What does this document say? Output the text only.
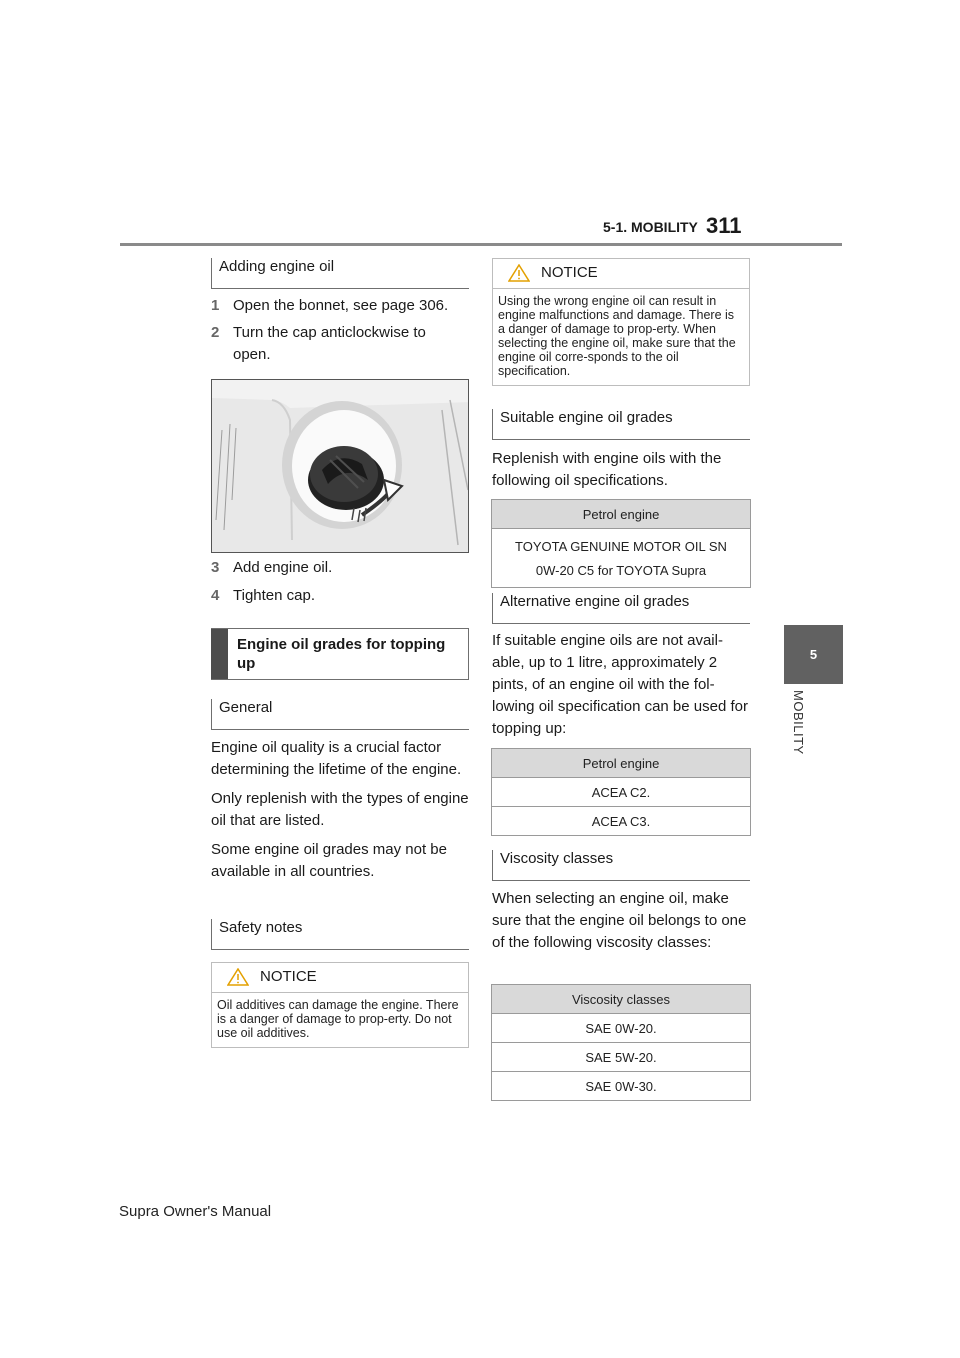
5-1. MOBILITY 311
5
MOBILITY
Adding engine oil
1 Open the bonnet, see page 306.
2 Turn the cap anticlockwise to
open.
3 Add engine oil.
4 Tighten cap.
Engine oil grades for topping up
General

Engine oil quality is a crucial factor determining the lifetime of the engine.

Only replenish with the types of engine oil that are listed.

Some engine oil grades may not be available in all countries.

Safety notes
NOTICE
Oil additives can damage the engine. There is a danger of damage to prop-erty. Do not use oil additives.
NOTICE
Using the wrong engine oil can result in engine malfunctions and damage. There is a danger of damage to prop-erty. When selecting the engine oil, make sure that the engine oil corre-sponds to the oil specification.
Suitable engine oil grades

Replenish with engine oils with the following oil specifications.

Petrol engine
TOYOTA GENUINE MOTOR OIL SN
0W-20 C5 for TOYOTA Supra
Alternative engine oil grades

If suitable engine oils are not avail-able, up to 1 litre, approximately 2 pints, of an engine oil with the fol-lowing oil specification can be used for topping up:

Petrol engine
ACEA C2.
ACEA C3.
Viscosity classes

When selecting an engine oil, make sure that the engine oil belongs to one of the following viscosity classes:

Viscosity classes
SAE 0W-20.
SAE 5W-20.
SAE 0W-30.
Supra Owner's Manual
